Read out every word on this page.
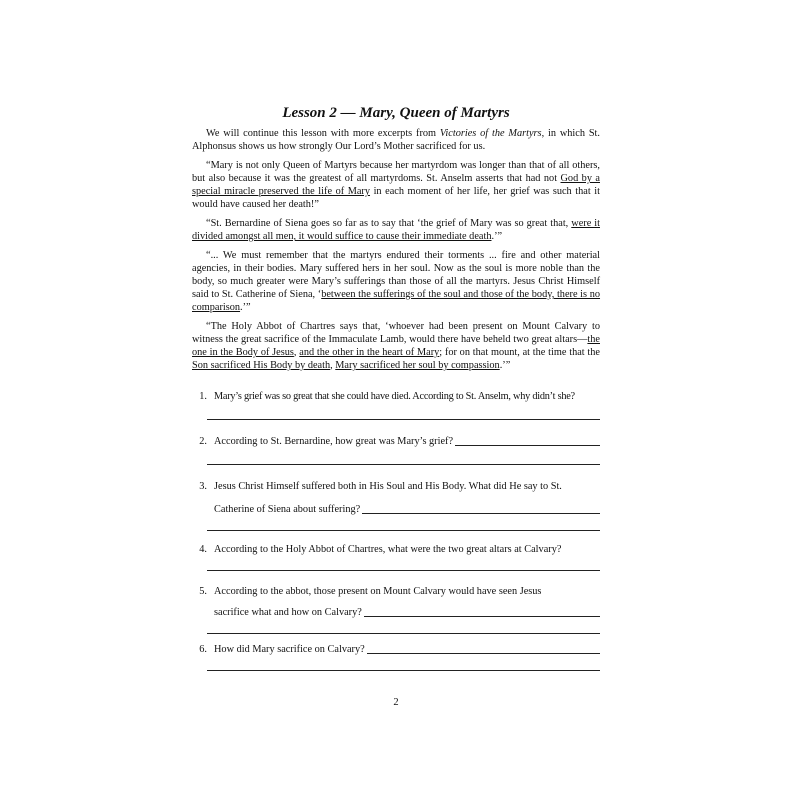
Lesson 2 — Mary, Queen of Martyrs

We will continue this lesson with more excerpts from Victories of the Martyrs, in which St. Alphonsus shows us how strongly Our Lord’s Mother sacrificed for us.

“Mary is not only Queen of Martyrs because her martyrdom was longer than that of all others, but also because it was the greatest of all martyrdoms. St. Anselm asserts that had not God by a special miracle preserved the life of Mary in each moment of her life, her grief was such that it would have caused her death!”

“St. Bernardine of Siena goes so far as to say that ‘the grief of Mary was so great that, were it divided amongst all men, it would suffice to cause their immediate death.’”

“... We must remember that the martyrs endured their torments ... fire and other material agencies, in their bodies. Mary suffered hers in her soul. Now as the soul is more noble than the body, so much greater were Mary’s sufferings than those of all the martyrs. Jesus Christ Himself said to St. Catherine of Siena, ‘between the sufferings of the soul and those of the body, there is no comparison.’”

“The Holy Abbot of Chartres says that, ‘whoever had been present on Mount Calvary to witness the great sacrifice of the Immaculate Lamb, would there have beheld two great altars—the one in the Body of Jesus, and the other in the heart of Mary; for on that mount, at the time that the Son sacrificed His Body by death, Mary sacrificed her soul by compassion.’”

1. Mary’s grief was so great that she could have died. According to St. Anselm, why didn’t she?
2. According to St. Bernardine, how great was Mary’s grief?
3. Jesus Christ Himself suffered both in His Soul and His Body. What did He say to St.
Catherine of Siena about suffering?
4. According to the Holy Abbot of Chartres, what were the two great altars at Calvary?
5. According to the abbot, those present on Mount Calvary would have seen Jesus
sacrifice what and how on Calvary?
6. How did Mary sacrifice on Calvary?
2
